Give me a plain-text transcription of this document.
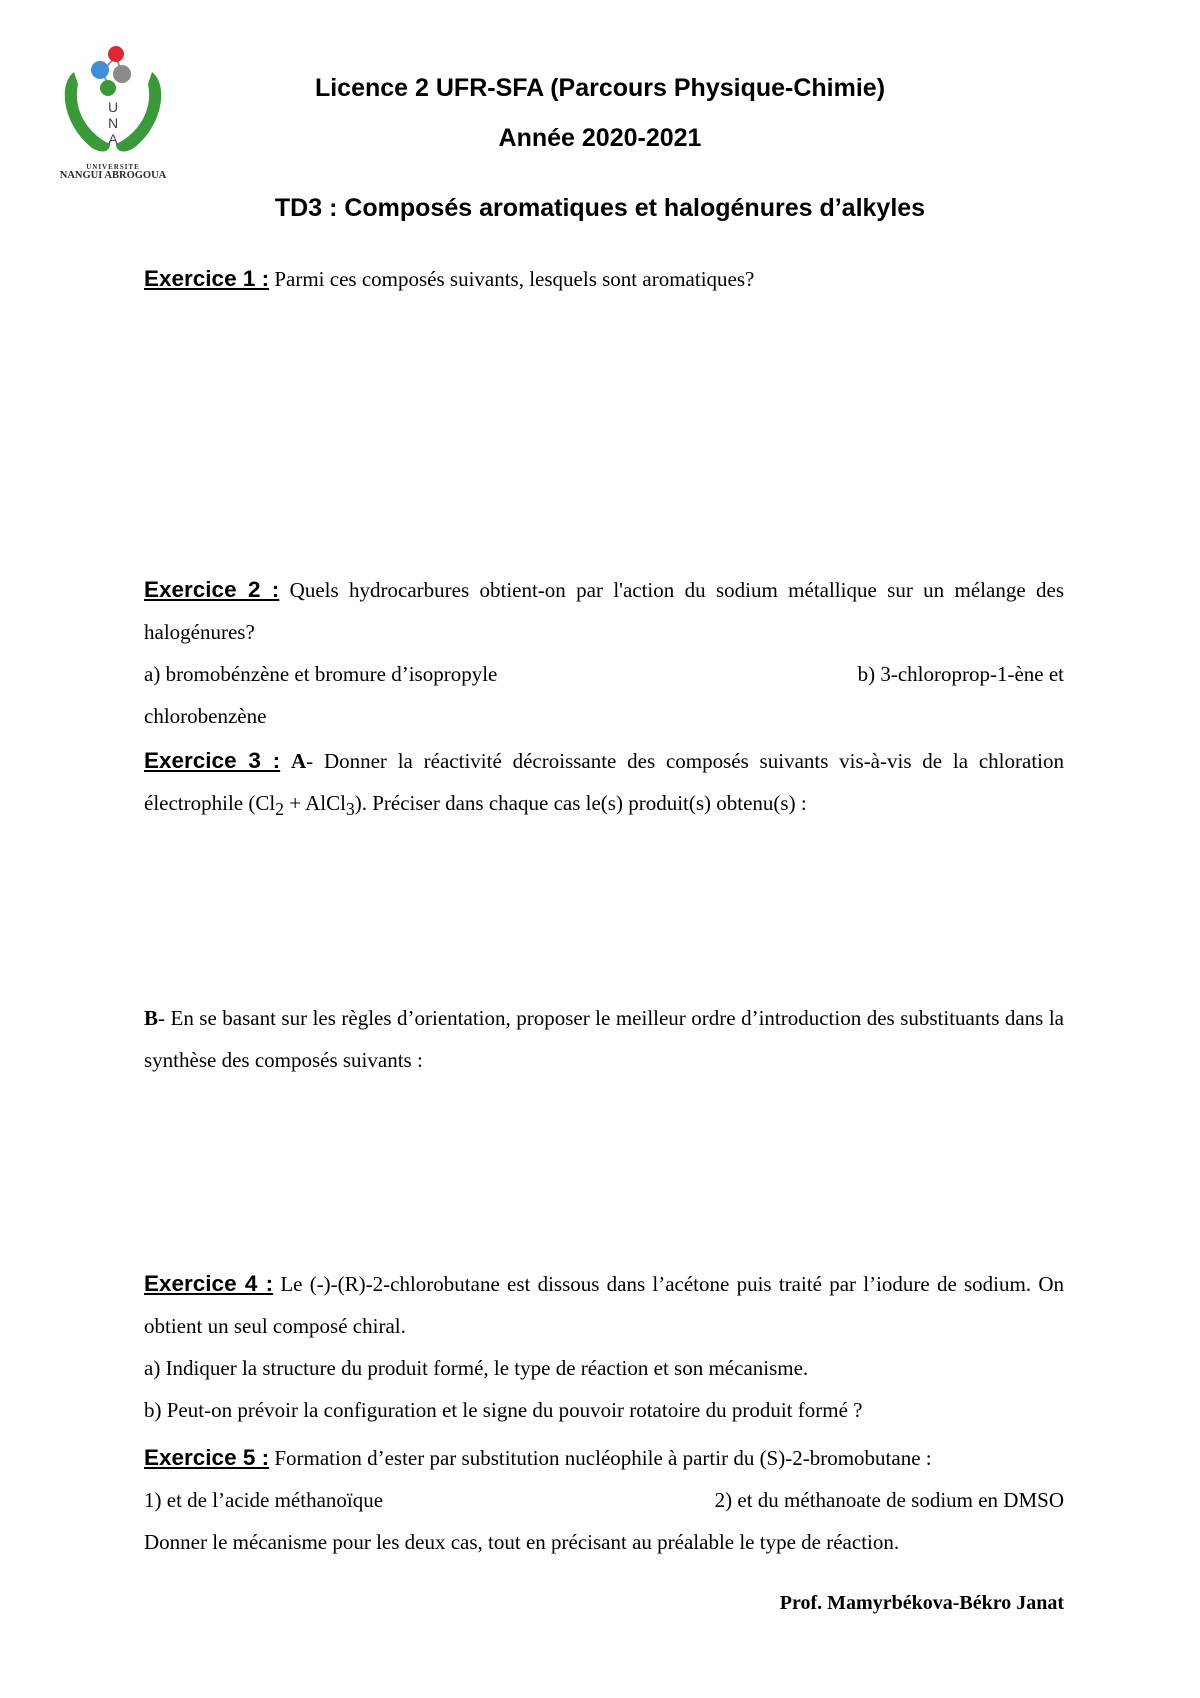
U
N
A
UNIVERSITE
NANGUI ABROGOUA
Licence 2 UFR-SFA (Parcours Physique-Chimie)
Année 2020-2021
TD3 : Composés aromatiques et halogénures d’alkyles
Exercice 1 : Parmi ces composés suivants, lesquels sont aromatiques?
Exercice 2 : Quels hydrocarbures obtient-on par l'action du sodium métallique sur un mélange des halogénures?
a) bromobénzène et bromure d’isopropyle	b) 3-chloroprop-1-ène et
chlorobenzène
Exercice 3 : A- Donner la réactivité décroissante des composés suivants vis-à-vis de la chloration électrophile ($Cl_2$ + AlCl$_3$). Préciser dans chaque cas le(s) produit(s) obtenu(s) :
B- En se basant sur les règles d’orientation, proposer le meilleur ordre d’introduction des substituants dans la synthèse des composés suivants :
Exercice 4 : Le (-)-(R)-2-chlorobutane est dissous dans l’acétone puis traité par l’iodure de sodium. On obtient un seul composé chiral.
a) Indiquer la structure du produit formé, le type de réaction et son mécanisme.
b) Peut-on prévoir la configuration et le signe du pouvoir rotatoire du produit formé ?
Exercice 5 : Formation d’ester par substitution nucléophile à partir du (S)-2-bromobutane :
1) et de l’acide méthanoïque	2) et du méthanoate de sodium en DMSO
Donner le mécanisme pour les deux cas, tout en précisant au préalable le type de réaction.
Prof. Mamyrbékova-Békro Janat
